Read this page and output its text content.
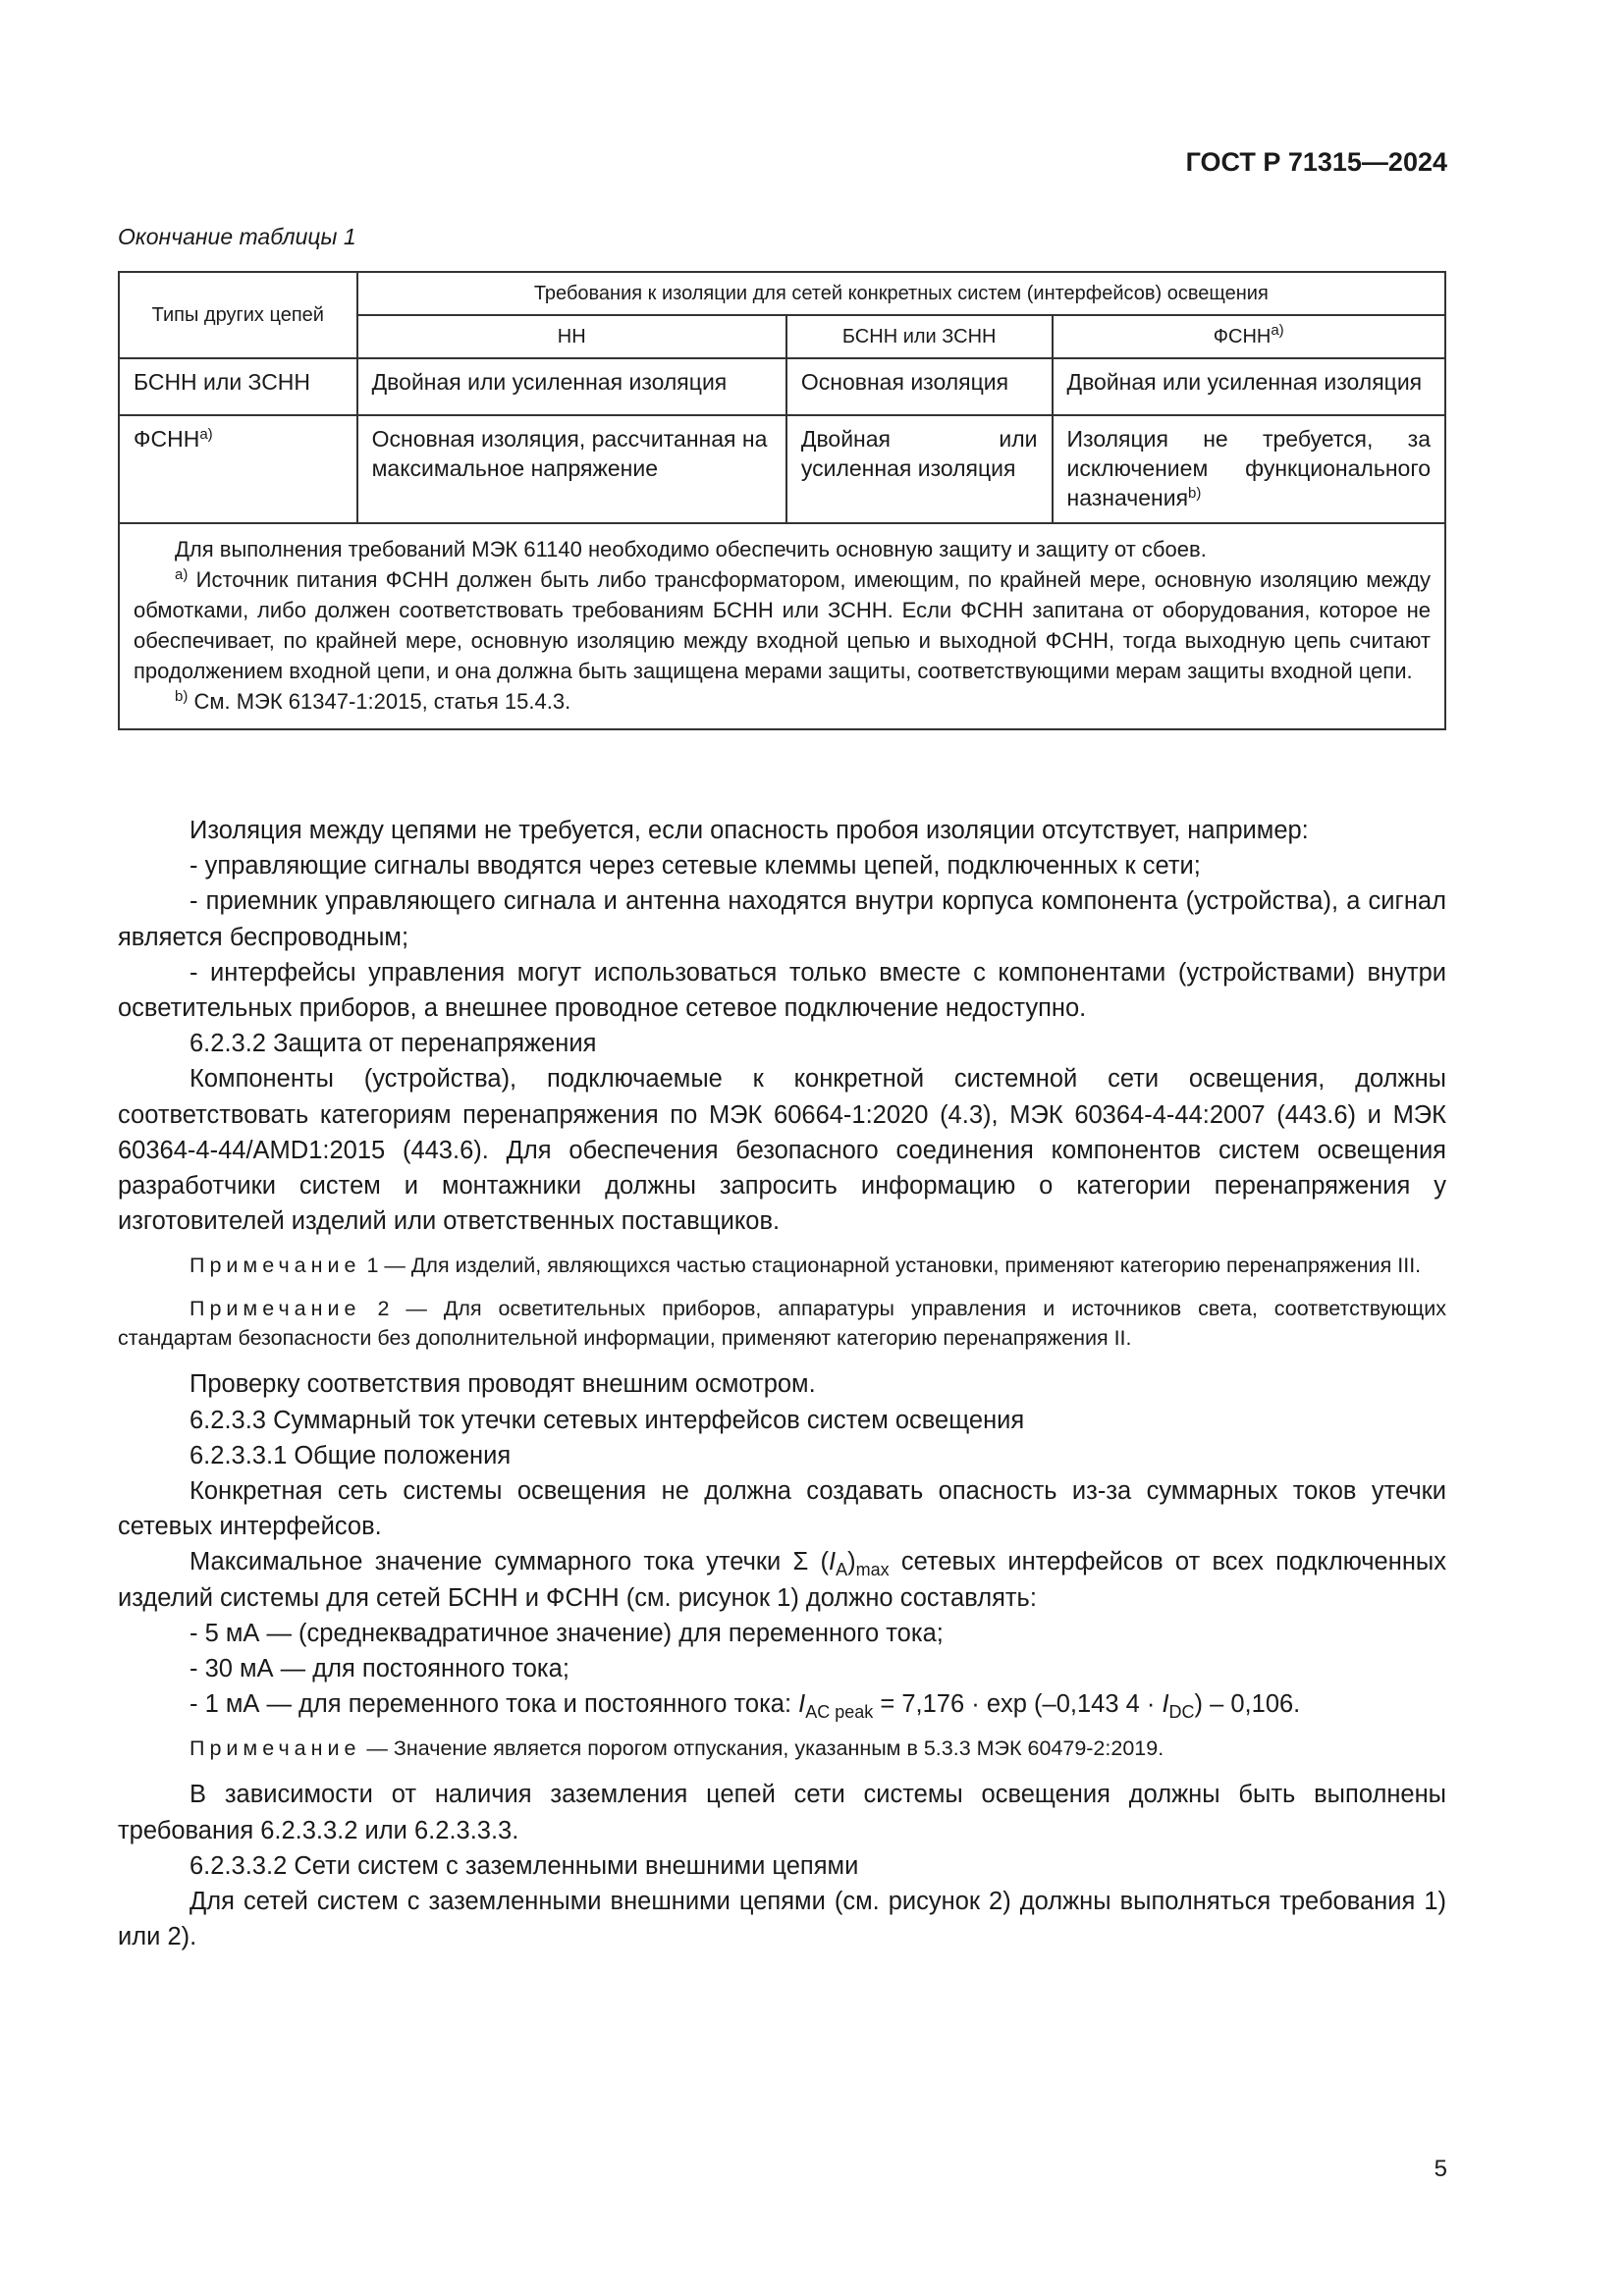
ГОСТ Р 71315—2024
Окончание таблицы 1
Типы других цепей	Требования к изоляции для сетей конкретных систем (интерфейсов) освещения		
	НН	БСНН или ЗСНН	$ФСНН^{а)}$
БСНН или ЗСНН	Двойная или усиленная изоляция	Основная изоляция	Двойная или усиленная изоляция
$ФСНН^{а)}$	Основная изоляция, рассчитанная на максимальное напряжение	Двойная или усиленная изоляция	Изоляция не требуется, за исключением функционального назначения$^{b)}$

Для выполнения требований МЭК 61140 необходимо обеспечить основную защиту и защиту от сбоев.
$^{а)}$ Источник питания ФСНН должен быть либо трансформатором, имеющим, по крайней мере, основную изоляцию между обмотками, либо должен соответствовать требованиям БСНН или ЗСНН. Если ФСНН запитана от оборудования, которое не обеспечивает, по крайней мере, основную изоляцию между входной цепью и выходной ФСНН, тогда выходную цепь считают продолжением входной цепи, и она должна быть защищена мерами защиты, соответствующими мерам защиты входной цепи.
$^{b)}$ См. МЭК 61347-1:2015, статья 15.4.3.			

Изоляция между цепями не требуется, если опасность пробоя изоляции отсутствует, например:

- управляющие сигналы вводятся через сетевые клеммы цепей, подключенных к сети;

- приемник управляющего сигнала и антенна находятся внутри корпуса компонента (устройства), а сигнал является беспроводным;

- интерфейсы управления могут использоваться только вместе с компонентами (устройствами) внутри осветительных приборов, а внешнее проводное сетевое подключение недоступно.

6.2.3.2 Защита от перенапряжения

Компоненты (устройства), подключаемые к конкретной системной сети освещения, должны соответствовать категориям перенапряжения по МЭК 60664-1:2020 (4.3), МЭК 60364-4-44:2007 (443.6) и МЭК 60364-4-44/AMD1:2015 (443.6). Для обеспечения безопасного соединения компонентов систем освещения разработчики систем и монтажники должны запросить информацию о категории перенапряжения у изготовителей изделий или ответственных поставщиков.

Примечание 1 — Для изделий, являющихся частью стационарной установки, применяют категорию перенапряжения III.

Примечание 2 — Для осветительных приборов, аппаратуры управления и источников света, соответствующих стандартам безопасности без дополнительной информации, применяют категорию перенапряжения II.

Проверку соответствия проводят внешним осмотром.

6.2.3.3 Суммарный ток утечки сетевых интерфейсов систем освещения

6.2.3.3.1 Общие положения

Конкретная сеть системы освещения не должна создавать опасность из-за суммарных токов утечки сетевых интерфейсов.

Максимальное значение суммарного тока утечки Σ $(I_A)_{max}$ сетевых интерфейсов от всех подключенных изделий системы для сетей БСНН и ФСНН (см. рисунок 1) должно составлять:

- 5 мА — (среднеквадратичное значение) для переменного тока;

- 30 мА — для постоянного тока;

- 1 мА — для переменного тока и постоянного тока: $I_{AC peak} = 7,176 \cdot \exp (-0,143$ $4 \cdot I_{DC}) - 0,106$.

Примечание — Значение является порогом отпускания, указанным в 5.3.3 МЭК 60479-2:2019.

В зависимости от наличия заземления цепей сети системы освещения должны быть выполнены требования 6.2.3.3.2 или 6.2.3.3.3.

6.2.3.3.2 Сети систем с заземленными внешними цепями

Для сетей систем с заземленными внешними цепями (см. рисунок 2) должны выполняться требования 1) или 2).

5
